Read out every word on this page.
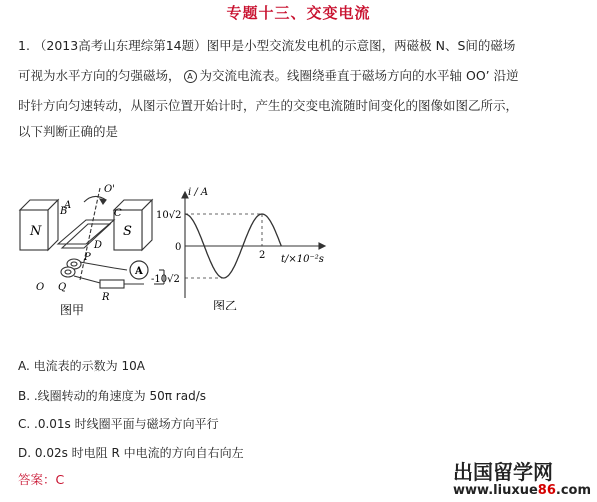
专题十三、交变电流
1. （2013高考山东理综第14题）图甲是小型交流发电机的示意图，两磁极 N、S间的磁场
可视为水平方向的匀强磁场， A 为交流电流表。线圈绕垂直于磁场方向的水平轴 OO’ 沿逆
时针方向匀速转动，从图示位置开始计时，产生的交变电流随时间变化的图像如图乙所示，
以下判断正确的是
N	S
O'
A
B	C
D
A
R
P
Q
O
图甲
i / A
t/×10⁻²s
10√2
-10√2
0
2
图乙
A. 电流表的示数为 10A
B. .线圈转动的角速度为 50π rad/s
C. .0.01s 时线圈平面与磁场方向平行
D. 0.02s 时电阻 R 中电流的方向自右向左
答案：C	出国留学网
www.liuxue86.com
